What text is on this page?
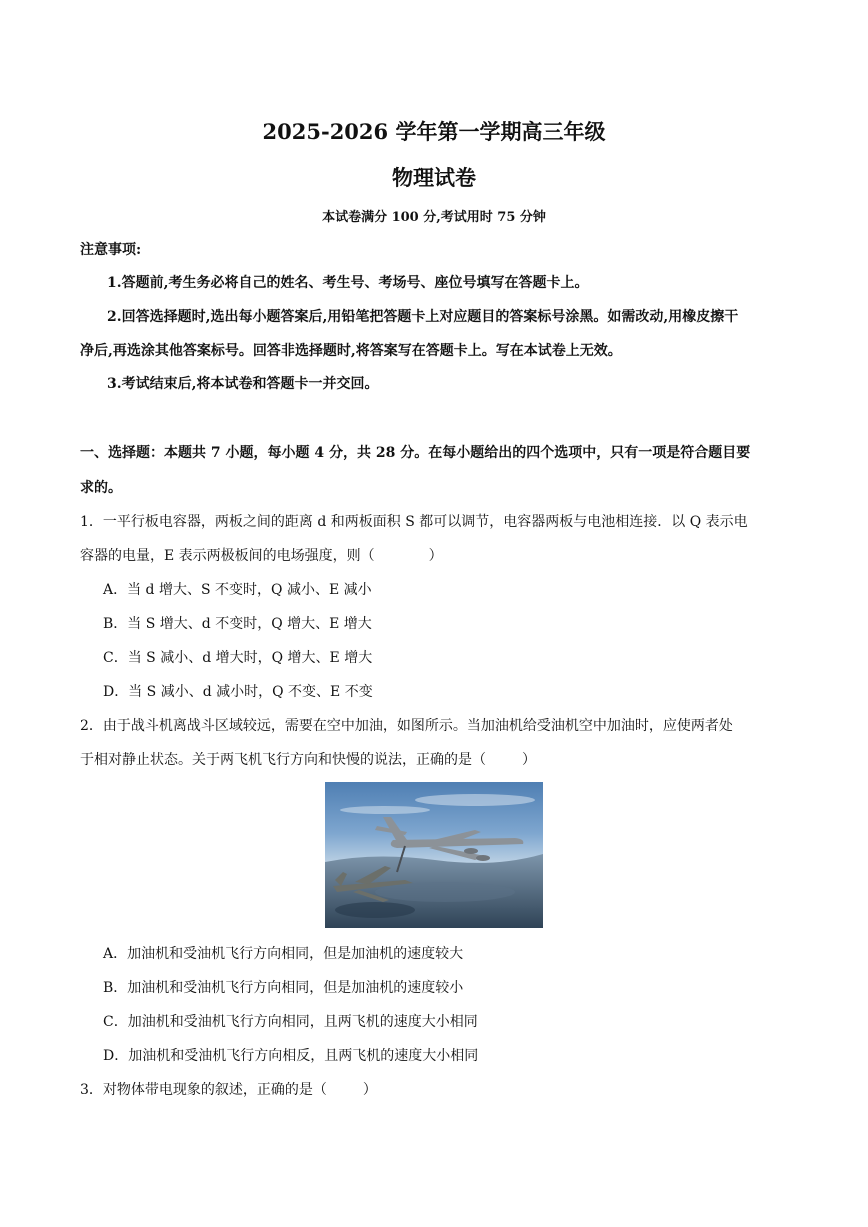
2025-2026 学年第一学期高三年级
物理试卷
本试卷满分 100 分,考试用时 75 分钟
注意事项:
1.答题前,考生务必将自己的姓名、考生号、考场号、座位号填写在答题卡上。
2.回答选择题时,选出每小题答案后,用铅笔把答题卡上对应题目的答案标号涂黑。如需改动,用橡皮擦干
净后,再选涂其他答案标号。回答非选择题时,将答案写在答题卡上。写在本试卷上无效。
3.考试结束后,将本试卷和答题卡一并交回。
一、选择题：本题共 7 小题，每小题 4 分，共 28 分。在每小题给出的四个选项中，只有一项是符合题目要
求的。
1．一平行板电容器，两板之间的距离 d 和两板面积 S 都可以调节，电容器两板与电池相连接．以 Q 表示电
容器的电量，E 表示两极板间的电场强度，则（	）
A．当 d 增大、S 不变时，Q 减小、E 减小
B．当 S 增大、d 不变时，Q 增大、E 增大
C．当 S 减小、d 增大时，Q 增大、E 增大
D．当 S 减小、d 减小时，Q 不变、E 不变
2．由于战斗机离战斗区域较远，需要在空中加油，如图所示。当加油机给受油机空中加油时，应使两者处
于相对静止状态。关于两飞机飞行方向和快慢的说法，正确的是（	）
A．加油机和受油机飞行方向相同，但是加油机的速度较大
B．加油机和受油机飞行方向相同，但是加油机的速度较小
C．加油机和受油机飞行方向相同，且两飞机的速度大小相同
D．加油机和受油机飞行方向相反，且两飞机的速度大小相同
3．对物体带电现象的叙述，正确的是（	）
